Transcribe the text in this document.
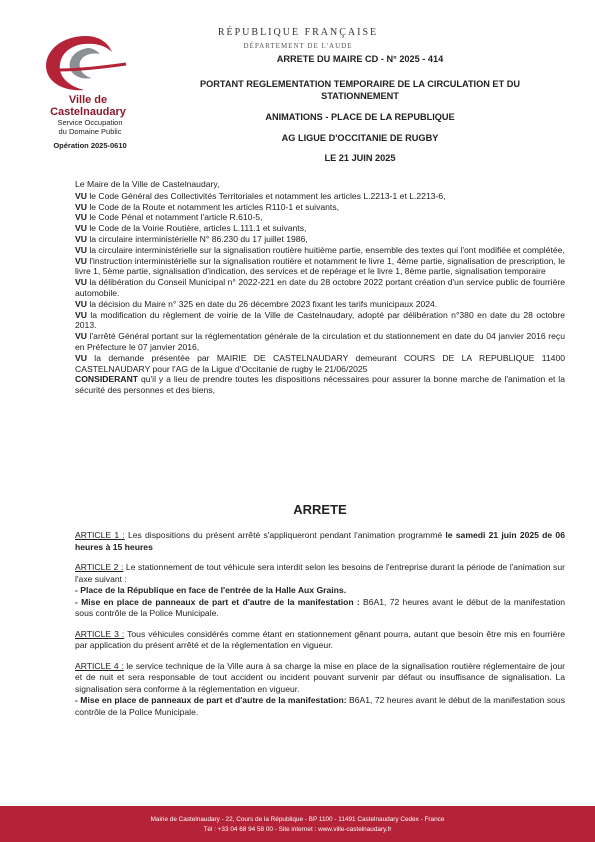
Ville de Castelnaudary
Service Occupation
du Domaine Public
Opération 2025-0610
RÉPUBLIQUE FRANÇAISE
DÉPARTEMENT DE L'AUDE
ARRETE DU MAIRE CD - N° 2025 - 414
PORTANT REGLEMENTATION TEMPORAIRE DE LA CIRCULATION ET DU
STATIONNEMENT
ANIMATIONS - PLACE DE LA REPUBLIQUE
AG LIGUE D'OCCITANIE DE RUGBY
LE 21 JUIN 2025

Le Maire de la Ville de Castelnaudary,

VU le Code Général des Collectivités Territoriales et notamment les articles L.2213-1 et L.2213-6,

VU le Code de la Route et notamment les articles R110-1 et suivants,

VU le Code Pénal et notamment l'article R.610-5,

VU le Code de la Voirie Routière, articles L.111.1 et suivants,

VU la circulaire interministérielle N° 86.230 du 17 juillet 1986,

VU la circulaire interministérielle sur la signalisation routière huitième partie, ensemble des textes qui l'ont modifiée et complétée,

VU l'instruction interministérielle sur la signalisation routière et notamment le livre 1, 4ème partie, signalisation de prescription, le livre 1, 5ème partie, signalisation d'indication, des services et de repérage et le livre 1, 8ème partie, signalisation temporaire

VU la délibération du Conseil Municipal n° 2022-221 en date du 28 octobre 2022 portant création d'un service public de fourrière automobile.

VU la décision du Maire n° 325 en date du 26 décembre 2023 fixant les tarifs municipaux 2024.

VU la modification du règlement de voirie de la Ville de Castelnaudary, adopté par délibération n°380 en date du 28 octobre 2013.

VU l'arrêté Général portant sur la réglementation générale de la circulation et du stationnement en date du 04 janvier 2016 reçu en Préfecture le 07 janvier 2016,

VU la demande présentée par MAIRIE DE CASTELNAUDARY demeurant COURS DE LA REPUBLIQUE 11400 CASTELNAUDARY pour l'AG de la Ligue d'Occitanie de rugby le 21/06/2025

CONSIDERANT qu'il y a lieu de prendre toutes les dispositions nécessaires pour assurer la bonne marche de l'animation et la sécurité des personnes et des biens,

ARRETE
ARTICLE 1 : Les dispositions du présent arrêté s'appliqueront pendant l'animation programmé le samedi 21 juin 2025 de 06 heures à 15 heures
ARTICLE 2 : Le stationnement de tout véhicule sera interdit selon les besoins de l'entreprise durant la période de l'animation sur l'axe suivant :
- Place de la République en face de l'entrée de la Halle Aux Grains.
- Mise en place de panneaux de part et d'autre de la manifestation : B6A1, 72 heures avant le début de la manifestation sous contrôle de la Police Municipale.
ARTICLE 3 : Tous véhicules considérés comme étant en stationnement gênant pourra, autant que besoin être mis en fourrière par application du présent arrêté et de la réglementation en vigueur.
ARTICLE 4 : le service technique de la Ville aura à sa charge la mise en place de la signalisation routière réglementaire de jour et de nuit et sera responsable de tout accident ou incident pouvant survenir par défaut ou insuffisance de signalisation. La signalisation sera conforme à la réglementation en vigueur.
- Mise en place de panneaux de part et d'autre de la manifestation: B6A1, 72 heures avant le début de la manifestation sous contrôle de la Police Municipale.
Mairie de Castelnaudary - 22, Cours de la République - BP 1100 - 11491 Castelnaudary Cedex - France
Tél : +33 04 68 94 58 00 - Site internet : www.ville-castelnaudary.fr
